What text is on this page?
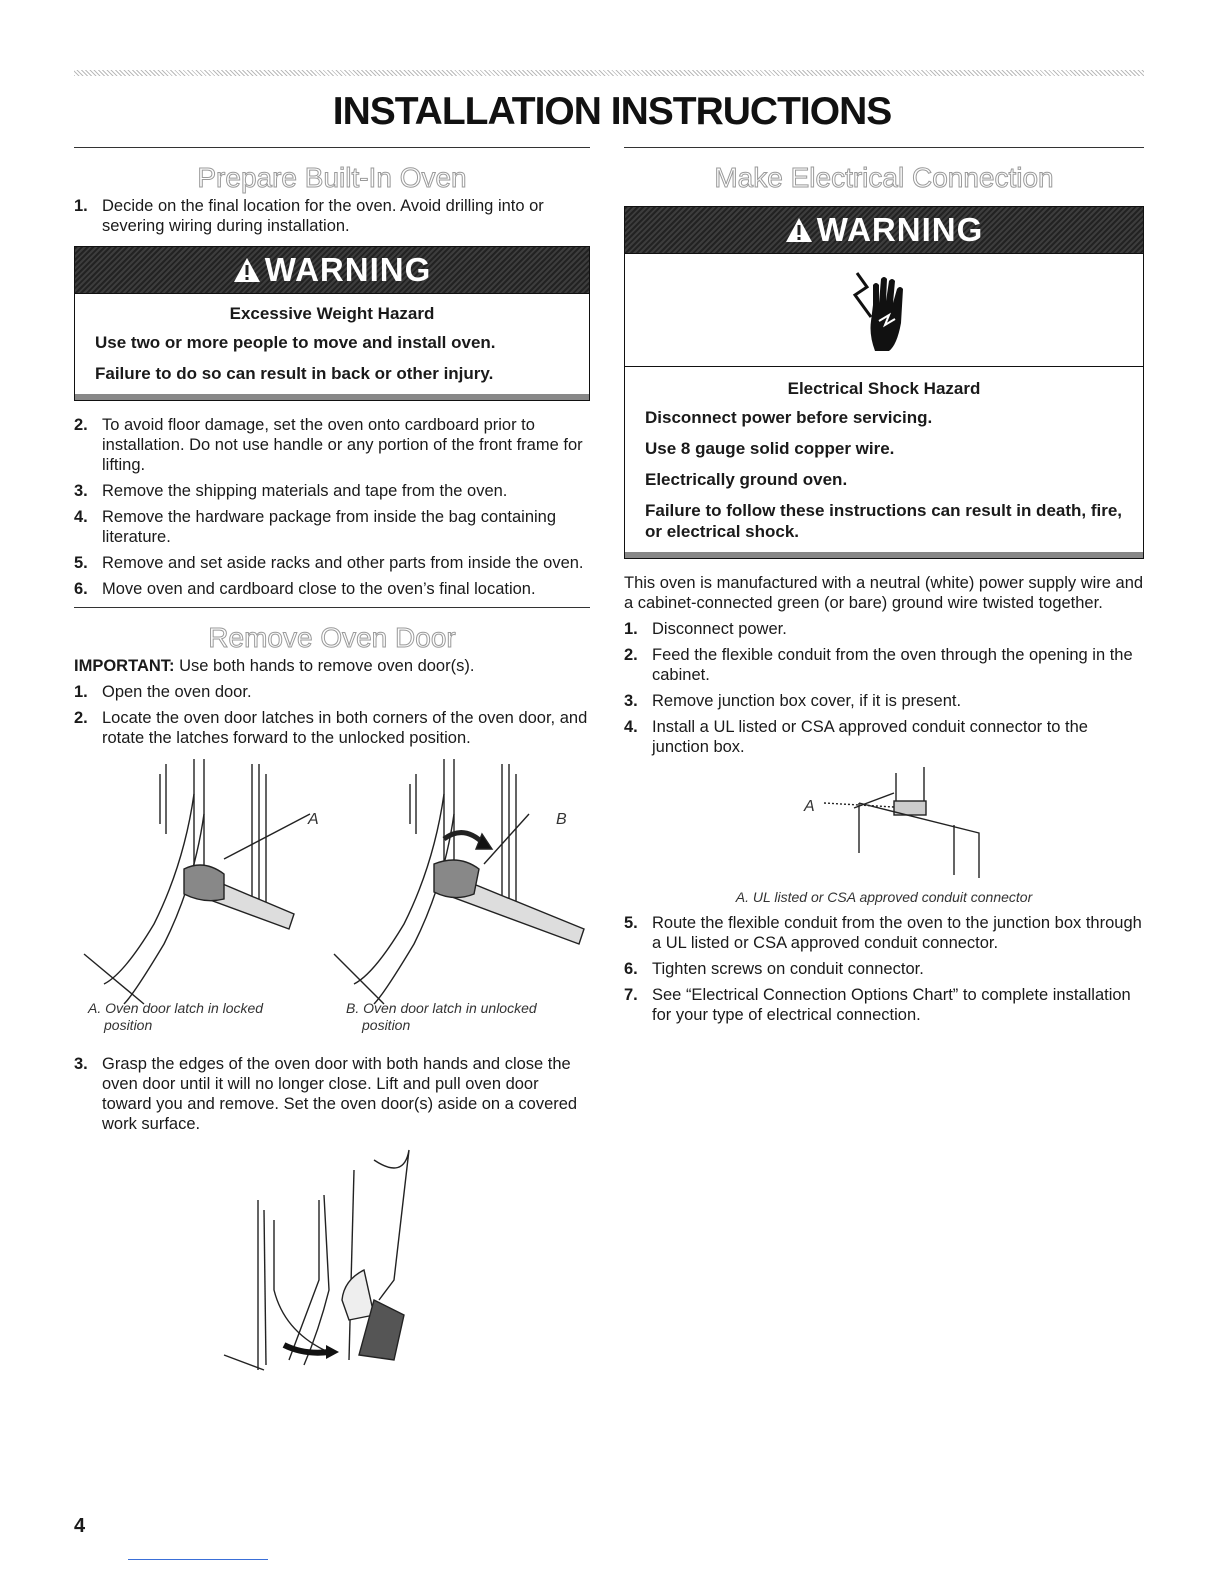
INSTALLATION INSTRUCTIONS
Prepare Built-In Oven
1. Decide on the final location for the oven. Avoid drilling into or severing wiring during installation.
WARNING
Excessive Weight Hazard
Use two or more people to move and install oven.
Failure to do so can result in back or other injury.
2. To avoid floor damage, set the oven onto cardboard prior to installation. Do not use handle or any portion of the front frame for lifting.
3. Remove the shipping materials and tape from the oven.
4. Remove the hardware package from inside the bag containing literature.
5. Remove and set aside racks and other parts from inside the oven.
6. Move oven and cardboard close to the oven’s final location.
Remove Oven Door
IMPORTANT: Use both hands to remove oven door(s).
1. Open the oven door.
2. Locate the oven door latches in both corners of the oven door, and rotate the latches forward to the unlocked position.
A	B
A. Oven door latch in locked
position
B. Oven door latch in unlocked
position
3. Grasp the edges of the oven door with both hands and close the oven door until it will no longer close. Lift and pull oven door toward you and remove. Set the oven door(s) aside on a covered work surface.
Make Electrical Connection
WARNING
Electrical Shock Hazard
Disconnect power before servicing.
Use 8 gauge solid copper wire.
Electrically ground oven.
Failure to follow these instructions can result in death, fire, or electrical shock.

This oven is manufactured with a neutral (white) power supply wire and a cabinet-connected green (or bare) ground wire twisted together.

1. Disconnect power.
2. Feed the flexible conduit from the oven through the opening in the cabinet.
3. Remove junction box cover, if it is present.
4. Install a UL listed or CSA approved conduit connector to the junction box.
A
A. UL listed or CSA approved conduit connector
5. Route the flexible conduit from the oven to the junction box through a UL listed or CSA approved conduit connector.
6. Tighten screws on conduit connector.
7. See “Electrical Connection Options Chart” to complete installation for your type of electrical connection.
4
